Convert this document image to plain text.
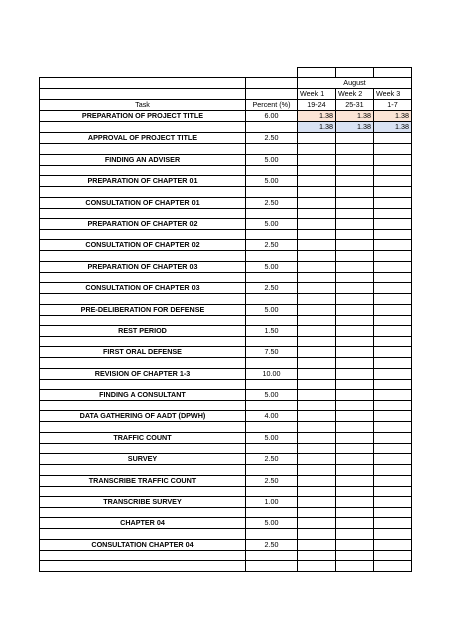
		August		
		Week 1	Week 2	Week 3
Task	Percent (%)	19-24	25-31	1-7
PREPARATION OF PROJECT TITLE	6.00	1.38	1.38	1.38
		1.38	1.38	1.38
APPROVAL OF PROJECT TITLE	2.50			

FINDING AN ADVISER	5.00			

PREPARATION OF CHAPTER 01	5.00			

CONSULTATION OF CHAPTER 01	2.50			

PREPARATION OF CHAPTER 02	5.00			

CONSULTATION OF CHAPTER 02	2.50			

PREPARATION OF CHAPTER 03	5.00			

CONSULTATION OF CHAPTER 03	2.50			

PRE-DELIBERATION FOR DEFENSE	5.00			

REST PERIOD	1.50			

FIRST ORAL DEFENSE	7.50			

REVISION OF CHAPTER 1-3	10.00			

FINDING A CONSULTANT	5.00			

DATA GATHERING OF AADT (DPWH)	4.00			

TRAFFIC COUNT	5.00			

SURVEY	2.50			

TRANSCRIBE TRAFFIC COUNT	2.50			

TRANSCRIBE SURVEY	1.00			

CHAPTER 04	5.00			

CONSULTATION CHAPTER 04	2.50			
